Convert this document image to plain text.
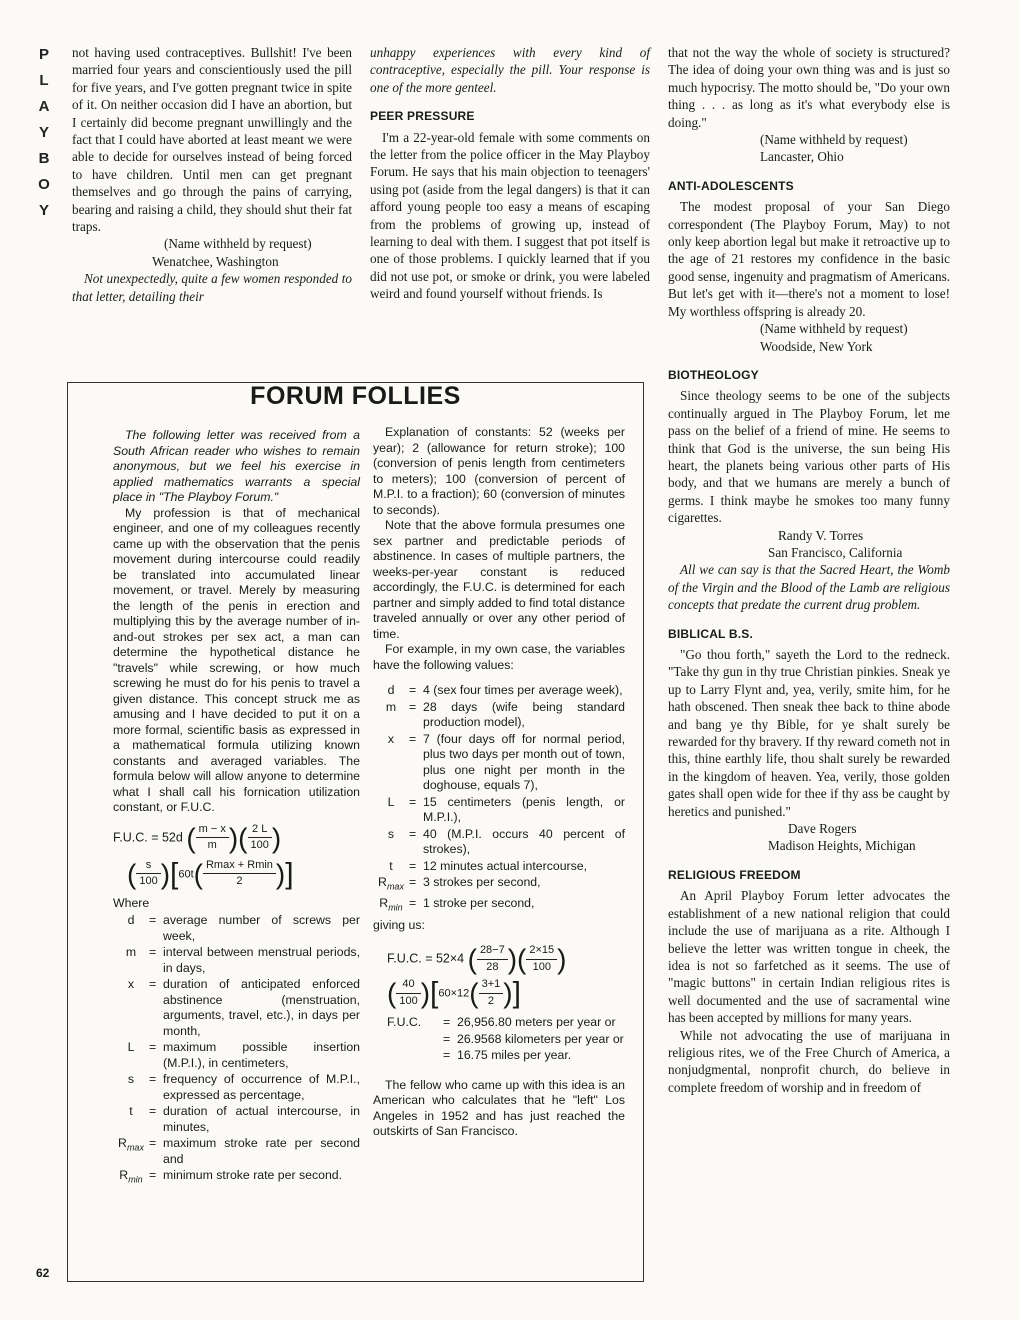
P
L
A
Y
B
O
Y

not having used contraceptives. Bullshit! I've been married four years and conscientiously used the pill for five years, and I've gotten pregnant twice in spite of it. On neither occasion did I have an abortion, but I certainly did become pregnant unwillingly and the fact that I could have aborted at least meant we were able to decide for ourselves instead of being forced to have children. Until men can get pregnant themselves and go through the pains of carrying, bearing and raising a child, they should shut their fat traps.

(Name withheld by request)

Wenatchee, Washington

Not unexpectedly, quite a few women responded to that letter, detailing their

unhappy experiences with every kind of contraceptive, especially the pill. Your response is one of the more genteel.

PEER PRESSURE

I'm a 22-year-old female with some comments on the letter from the police officer in the May Playboy Forum. He says that his main objection to teenagers' using pot (aside from the legal dangers) is that it can afford young people too easy a means of escaping from the problems of growing up, instead of learning to deal with them. I suggest that pot itself is one of those problems. I quickly learned that if you did not use pot, or smoke or drink, you were labeled weird and found yourself without friends. Is

that not the way the whole of society is structured? The idea of doing your own thing was and is just so much hypocrisy. The motto should be, "Do your own thing . . . as long as it's what everybody else is doing."

(Name withheld by request)

Lancaster, Ohio

ANTI-ADOLESCENTS

The modest proposal of your San Diego correspondent (The Playboy Forum, May) to not only keep abortion legal but make it retroactive up to the age of 21 restores my confidence in the basic good sense, ingenuity and pragmatism of Americans. But let's get with it—there's not a moment to lose! My worthless offspring is already 20.

(Name withheld by request)

Woodside, New York

BIOTHEOLOGY

Since theology seems to be one of the subjects continually argued in The Playboy Forum, let me pass on the belief of a friend of mine. He seems to think that God is the universe, the sun being His heart, the planets being various other parts of His body, and that we humans are merely a bunch of germs. I think maybe he smokes too many funny cigarettes.

Randy V. Torres

San Francisco, California

All we can say is that the Sacred Heart, the Womb of the Virgin and the Blood of the Lamb are religious concepts that predate the current drug problem.

BIBLICAL B.S.

"Go thou forth," sayeth the Lord to the redneck. "Take thy gun in thy true Christian pinkies. Sneak ye up to Larry Flynt and, yea, verily, smite him, for he hath obscened. Then sneak thee back to thine abode and bang ye thy Bible, for ye shalt surely be rewarded for thy bravery. If thy reward cometh not in this, thine earthly life, thou shalt surely be rewarded in the kingdom of heaven. Yea, verily, those golden gates shall open wide for thee if thy ass be caught by heretics and punished."

Dave Rogers

Madison Heights, Michigan

RELIGIOUS FREEDOM

An April Playboy Forum letter advocates the establishment of a new national religion that could include the use of marijuana as a rite. Although I believe the letter was written tongue in cheek, the idea is not so farfetched as it seems. The use of "magic buttons" in certain Indian religious rites is well documented and the use of sacramental wine has been accepted by millions for many years.

While not advocating the use of marijuana in religious rites, we of the Free Church of America, a nonjudgmental, nonprofit church, do believe in complete freedom of worship and in freedom of

FORUM FOLLIES

The following letter was received from a South African reader who wishes to remain anonymous, but we feel his exercise in applied mathematics warrants a special place in "The Playboy Forum."

My profession is that of mechanical engineer, and one of my colleagues recently came up with the observation that the penis movement during intercourse could readily be translated into accumulated linear movement, or travel. Merely by measuring the length of the penis in erection and multiplying this by the average number of in-and-out strokes per sex act, a man can determine the hypothetical distance he "travels" while screwing, or how much screwing he must do for his penis to travel a given distance. This concept struck me as amusing and I have decided to put it on a more formal, scientific basis as expressed in a mathematical formula utilizing known constants and averaged variables. The formula below will allow anyone to determine what I shall call his fornication utilization constant, or F.U.C.

F.U.C. = 52d ( $\frac{m - x}{m}$ )( $\frac{2 L}{100}$ )
( $\frac{s}{100} )[60t( \frac{Rmax + Rmin}{2}$ )]
Where
d	= average number of screws per week,
m	= interval between menstrual periods, in days,
x	= duration of anticipated enforced abstinence (menstruation, arguments, travel, etc.), in days per month,
L	= maximum possible insertion (M.P.I.), in centimeters,
s	= frequency of occurrence of M.P.I., expressed as percentage,
t	= duration of actual intercourse, in minutes,
$R_{max}$ = maximum stroke rate per second and
$R_{min}$ = minimum stroke rate per second.

Explanation of constants: 52 (weeks per year); 2 (allowance for return stroke); 100 (conversion of penis length from centimeters to meters); 100 (conversion of percent of M.P.I. to a fraction); 60 (conversion of minutes to seconds).

Note that the above formula presumes one sex partner and predictable periods of abstinence. In cases of multiple partners, the weeks-per-year constant is reduced accordingly, the F.U.C. is determined for each partner and simply added to find total distance traveled annually or over any other period of time.

For example, in my own case, the variables have the following values:

d	= 4 (sex four times per average week),
m	= 28 days (wife being standard production model),
x	= 7 (four days off for normal period, plus two days per month out of town, plus one night per month in the doghouse, equals 7),
L	= 15 centimeters (penis length, or M.P.I.),
s	= 40 (M.P.I. occurs 40 percent of strokes),
t	= 12 minutes actual intercourse,
$R_{max} = 3$ strokes per second,
$R_{min} = 1$ stroke per second,
giving us:
F.U.C. = 52×4 ( $\frac{28-7}{28}$ )( $\frac{2\times 15}{100}$ )
( $\frac{40}{100} )[60\times 12( \frac{3+1}{2}$ )]
F.U.C.	= 26,956.80 meters per year or
= 26.9568 kilometers per year or
= 16.75 miles per year.

The fellow who came up with this idea is an American who calculates that he "left" Los Angeles in 1952 and has just reached the outskirts of San Francisco.

62
